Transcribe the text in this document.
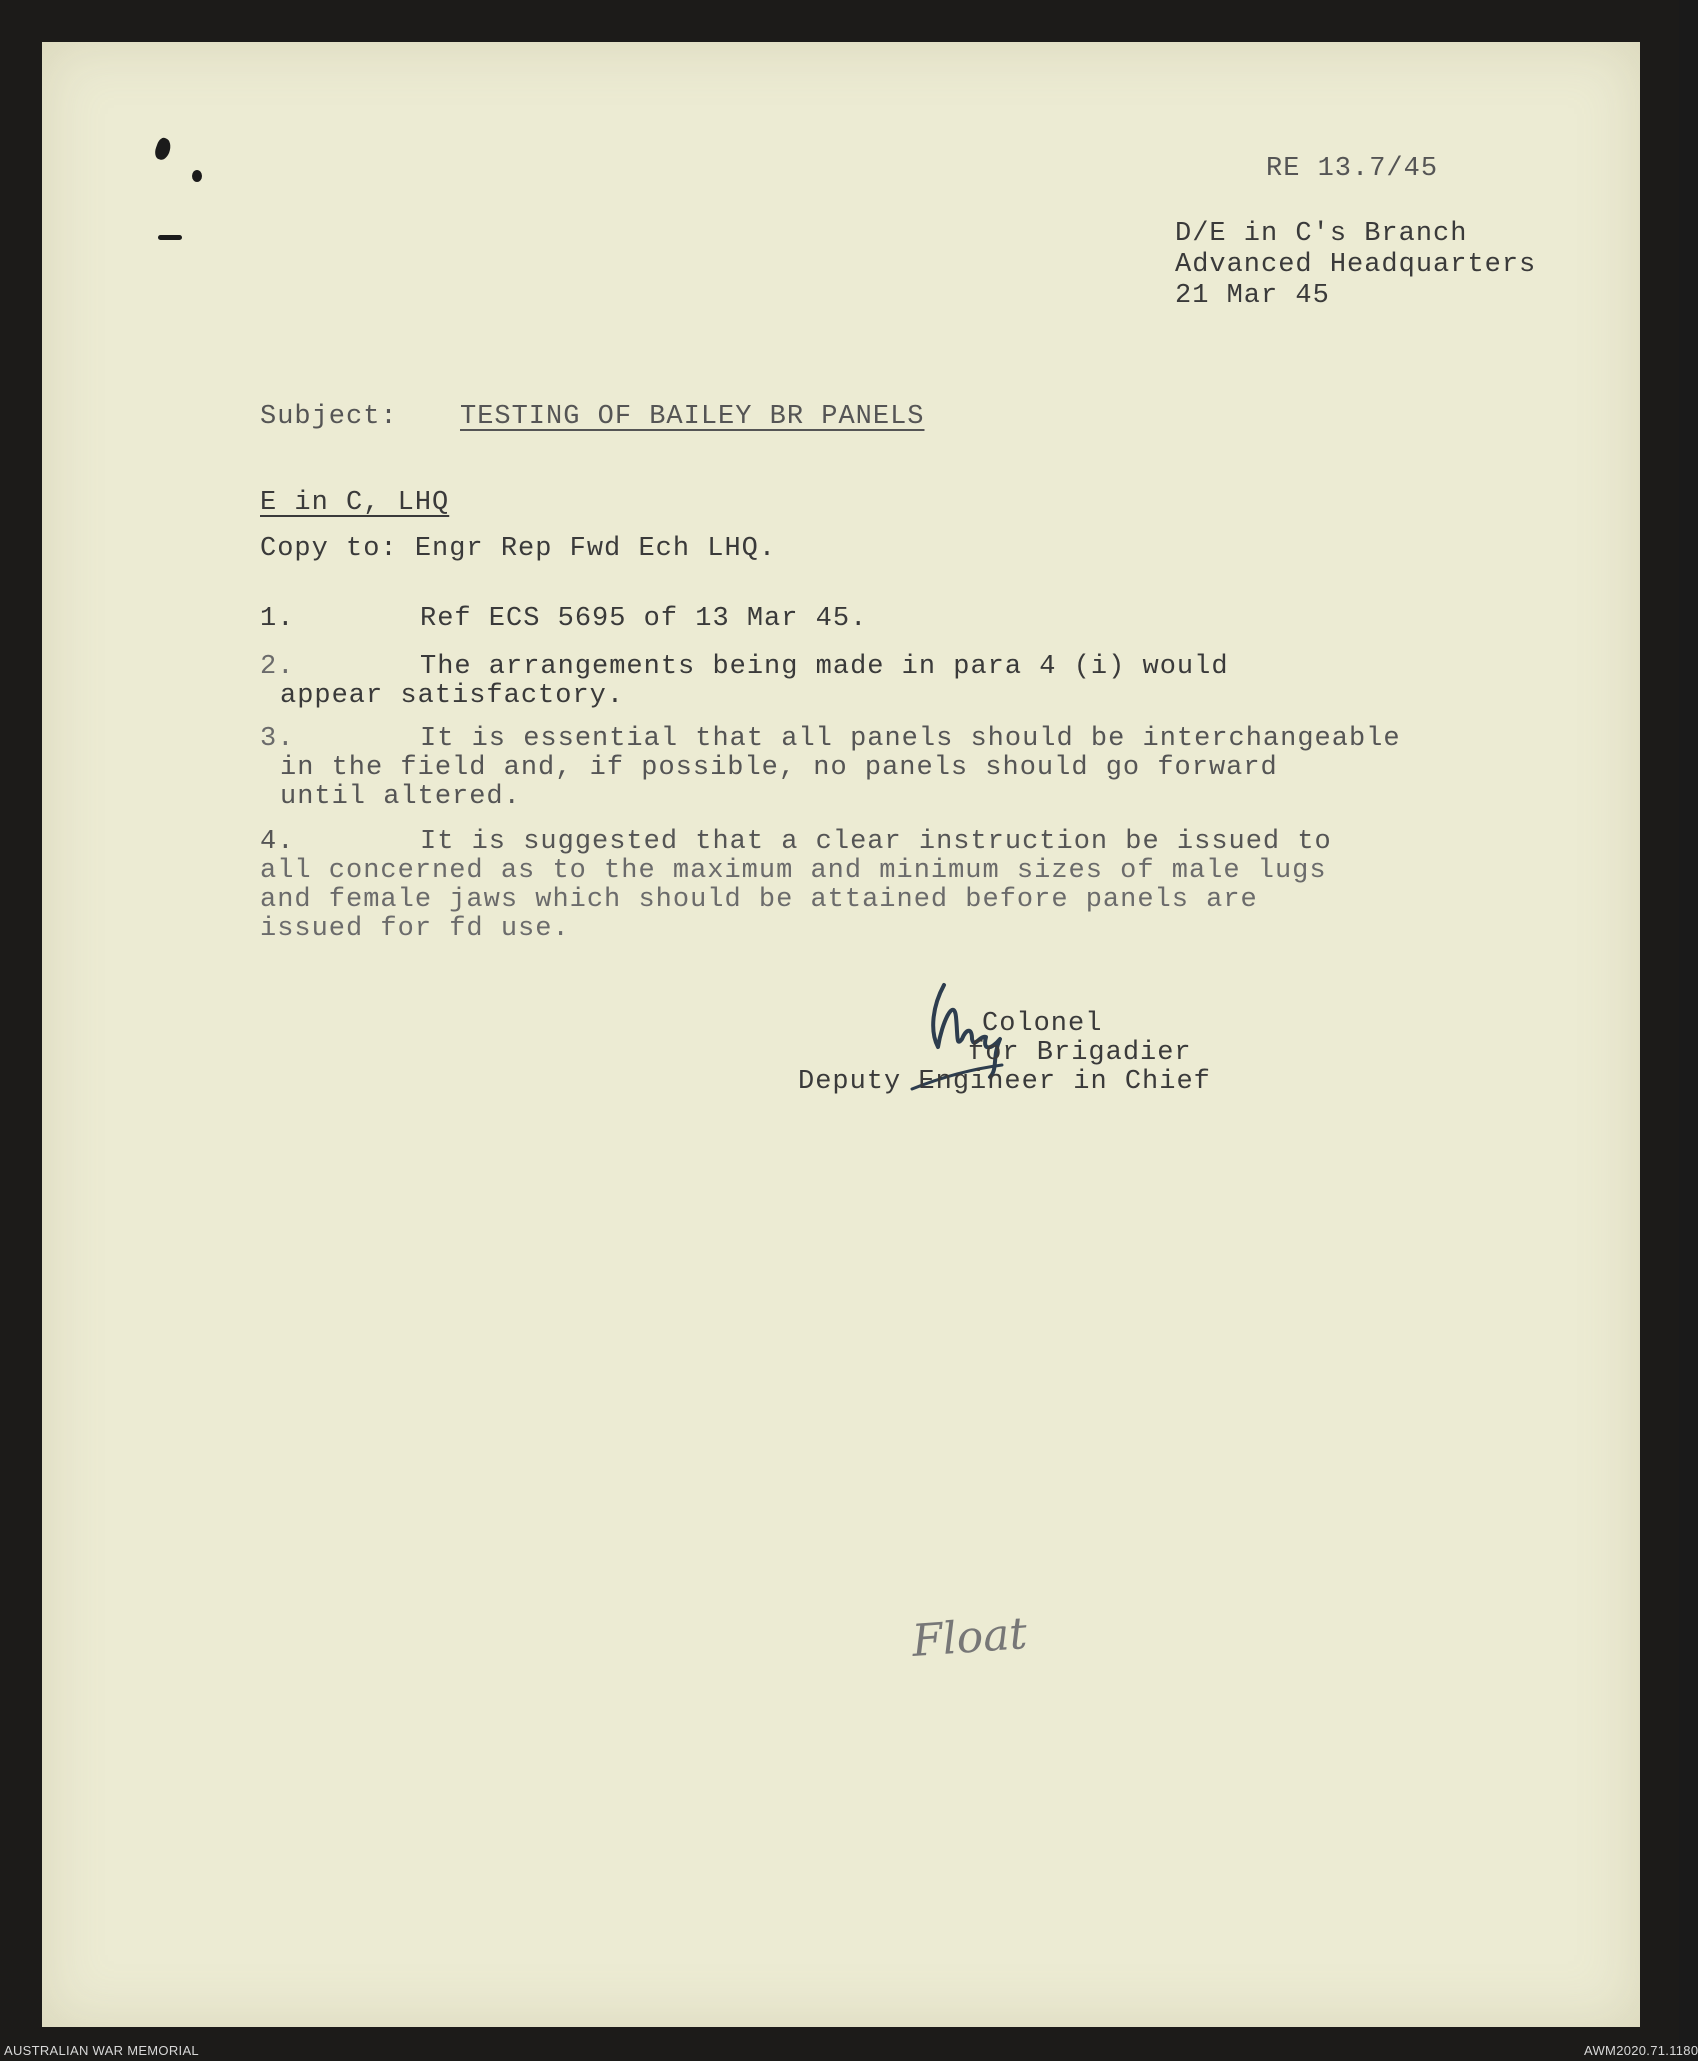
RE 13.7/45
D/E in C's Branch
Advanced Headquarters
21 Mar 45
Subject: TESTING OF BAILEY BR PANELS
E in C, LHQ
Copy to: Engr Rep Fwd Ech LHQ.
1.	Ref ECS 5695 of 13 Mar 45.
2.	The arrangements being made in para 4 (i) would
appear satisfactory.
3.	It is essential that all panels should be interchangeable
in the field and, if possible, no panels should go forward
until altered.
4.	It is suggested that a clear instruction be issued to
all concerned as to the maximum and minimum sizes of male lugs
and female jaws which should be attained before panels are
issued for fd use.
Colonel
for Brigadier
Deputy Engineer in Chief
Float
AUSTRALIAN WAR MEMORIAL	AWM2020.71.1180
